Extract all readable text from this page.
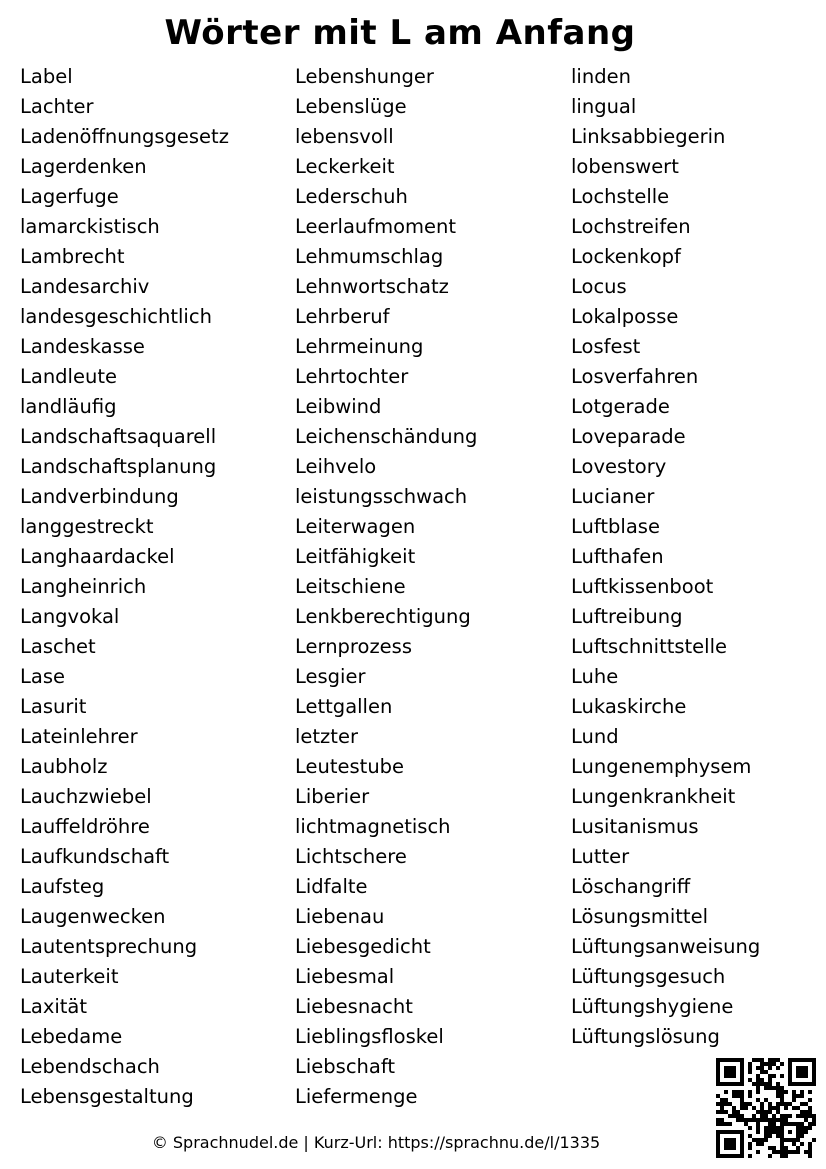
Wörter mit L am Anfang
Label
Lachter
Ladenöffnungsgesetz
Lagerdenken
Lagerfuge
lamarckistisch
Lambrecht
Landesarchiv
landesgeschichtlich
Landeskasse
Landleute
landläufig
Landschaftsaquarell
Landschaftsplanung
Landverbindung
langgestreckt
Langhaardackel
Langheinrich
Langvokal
Laschet
Lase
Lasurit
Lateinlehrer
Laubholz
Lauchzwiebel
Lauffeldröhre
Laufkundschaft
Laufsteg
Laugenwecken
Lautentsprechung
Lauterkeit
Laxität
Lebedame
Lebendschach
Lebensgestaltung
Lebenshunger
Lebenslüge
lebensvoll
Leckerkeit
Lederschuh
Leerlaufmoment
Lehmumschlag
Lehnwortschatz
Lehrberuf
Lehrmeinung
Lehrtochter
Leibwind
Leichenschändung
Leihvelo
leistungsschwach
Leiterwagen
Leitfähigkeit
Leitschiene
Lenkberechtigung
Lernprozess
Lesgier
Lettgallen
letzter
Leutestube
Liberier
lichtmagnetisch
Lichtschere
Lidfalte
Liebenau
Liebesgedicht
Liebesmal
Liebesnacht
Lieblingsfloskel
Liebschaft
Liefermenge
linden
lingual
Linksabbiegerin
lobenswert
Lochstelle
Lochstreifen
Lockenkopf
Locus
Lokalposse
Losfest
Losverfahren
Lotgerade
Loveparade
Lovestory
Lucianer
Luftblase
Lufthafen
Luftkissenboot
Luftreibung
Luftschnittstelle
Luhe
Lukaskirche
Lund
Lungenemphysem
Lungenkrankheit
Lusitanismus
Lutter
Löschangriff
Lösungsmittel
Lüftungsanweisung
Lüftungsgesuch
Lüftungshygiene
Lüftungslösung
© Sprachnudel.de | Kurz-Url: https://sprachnu.de/l/1335
